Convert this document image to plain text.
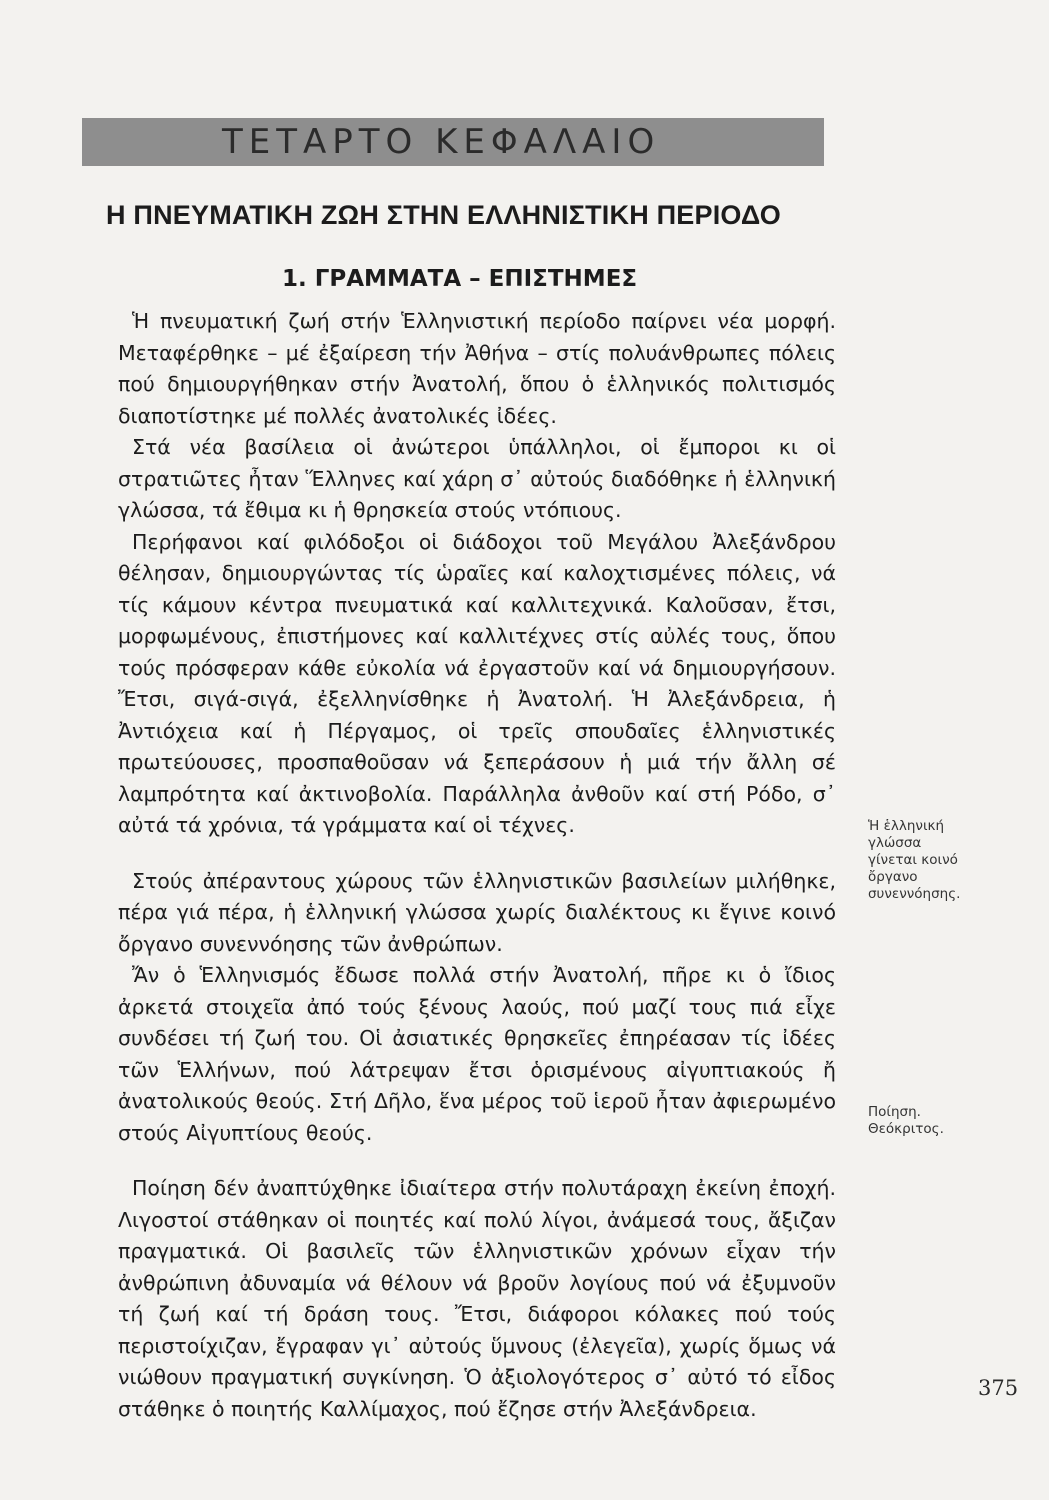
ΤΕΤΑΡΤΟ ΚΕΦΑΛΑΙΟ
Η ΠΝΕΥΜΑΤΙΚΗ ΖΩΗ ΣΤΗΝ ΕΛΛΗΝΙΣΤΙΚΗ ΠΕΡΙΟΔΟ
1. ΓΡΑΜΜΑΤΑ – ΕΠΙΣΤΗΜΕΣ

Ἡ πνευματική ζωή στήν Ἑλληνιστική περίοδο παίρνει νέα μορφή. Μεταφέρθηκε – μέ ἐξαίρεση τήν Ἀθήνα – στίς πολυάνθρωπες πόλεις πού δημιουργήθηκαν στήν Ἀνατολή, ὅπου ὁ ἑλληνικός πολιτισμός διαποτίστηκε μέ πολλές ἀνατολικές ἰδέες.

Στά νέα βασίλεια οἱ ἀνώτεροι ὑπάλληλοι, οἱ ἔμποροι κι οἱ στρατιῶτες ἦταν Ἕλληνες καί χάρη σ᾽ αὐτούς διαδόθηκε ἡ ἑλληνική γλώσσα, τά ἔθιμα κι ἡ θρησκεία στούς ντόπιους.

Περήφανοι καί φιλόδοξοι οἱ διάδοχοι τοῦ Μεγάλου Ἀλεξάνδρου θέλησαν, δημιουργώντας τίς ὡραῖες καί καλοχτισμένες πόλεις, νά τίς κάμουν κέντρα πνευματικά καί καλλιτεχνικά. Καλοῦσαν, ἔτσι, μορφωμένους, ἐπιστήμονες καί καλλιτέχνες στίς αὐλές τους, ὅπου τούς πρόσφεραν κάθε εὐκολία νά ἐργαστοῦν καί νά δημιουργήσουν. Ἔτσι, σιγά-σιγά, ἐξελληνίσθηκε ἡ Ἀνατολή. Ἡ Ἀλεξάνδρεια, ἡ Ἀντιόχεια καί ἡ Πέργαμος, οἱ τρεῖς σπουδαῖες ἑλληνιστικές πρωτεύουσες, προσπαθοῦσαν νά ξεπεράσουν ἡ μιά τήν ἄλλη σέ λαμπρότητα καί ἀκτινοβολία. Παράλληλα ἀνθοῦν καί στή Ρόδο, σ᾽ αὐτά τά χρόνια, τά γράμματα καί οἱ τέχνες.

Στούς ἀπέραντους χώρους τῶν ἑλληνιστικῶν βασιλείων μιλήθηκε, πέρα γιά πέρα, ἡ ἑλληνική γλώσσα χωρίς διαλέκτους κι ἔγινε κοινό ὄργανο συνεννόησης τῶν ἀνθρώπων.

Ἄν ὁ Ἑλληνισμός ἔδωσε πολλά στήν Ἀνατολή, πῆρε κι ὁ ἴδιος ἀρκετά στοιχεῖα ἀπό τούς ξένους λαούς, πού μαζί τους πιά εἶχε συνδέσει τή ζωή του. Οἱ ἀσιατικές θρησκεῖες ἐπηρέασαν τίς ἰδέες τῶν Ἑλλήνων, πού λάτρεψαν ἔτσι ὁρισμένους αἰγυπτιακούς ἤ ἀνατολικούς θεούς. Στή Δῆλο, ἕνα μέρος τοῦ ἱεροῦ ἦταν ἀφιερωμένο στούς Αἰγυπτίους θεούς.

Ποίηση δέν ἀναπτύχθηκε ἰδιαίτερα στήν πολυτάραχη ἐκείνη ἐποχή. Λιγοστοί στάθηκαν οἱ ποιητές καί πολύ λίγοι, ἀνάμεσά τους, ἄξιζαν πραγματικά. Οἱ βασιλεῖς τῶν ἑλληνιστικῶν χρόνων εἶχαν τήν ἀνθρώπινη ἀδυναμία νά θέλουν νά βροῦν λογίους πού νά ἐξυμνοῦν τή ζωή καί τή δράση τους. Ἔτσι, διάφοροι κόλακες πού τούς περιστοίχιζαν, ἔγραφαν γι᾽ αὐτούς ὕμνους (ἐλεγεῖα), χωρίς ὅμως νά νιώθουν πραγματική συγκίνηση. Ὁ ἀξιολογότερος σ᾽ αὐτό τό εἶδος στάθηκε ὁ ποιητής Καλλίμαχος, πού ἔζησε στήν Ἀλεξάνδρεια.

Ἡ ἑλληνική γλώσσα γίνεται κοινό ὄργανο συνεννόησης.
Ποίηση. Θεόκριτος.
375
